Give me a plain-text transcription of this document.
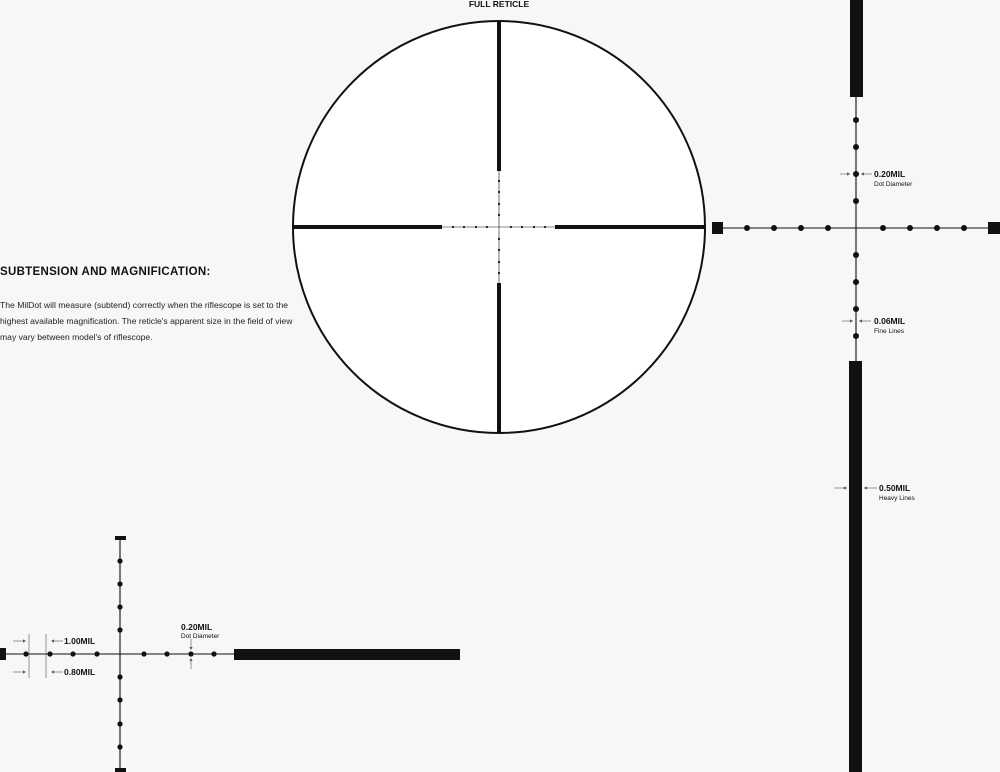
FULL RETICLE
0.20MIL
Dot Diameter
0.06MIL
Fine Lines
0.50MIL
Heavy Lines
1.00MIL
0.80MIL
0.20MIL
Dot Diameter
SUBTENSION AND MAGNIFICATION:
The MilDot will measure (subtend) correctly when the riflescope is set to the highest available magnification. The reticle's apparent size in the field of view may vary between model's of riflescope.
